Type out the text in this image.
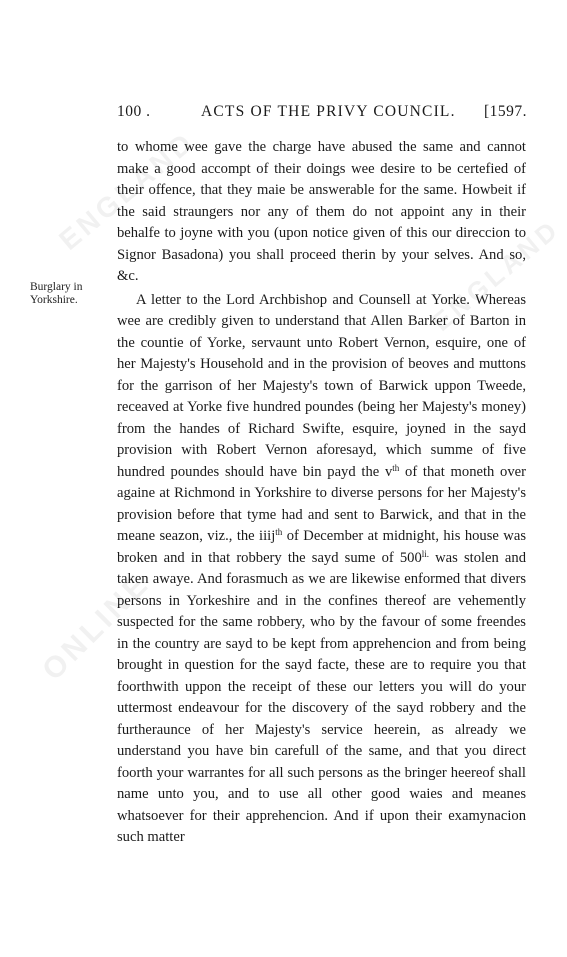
ENGLAND
ENGLAND
ONLINE
100 .	ACTS OF THE PRIVY COUNCIL. [1597.
Burglary in
Yorkshire.

to whome wee gave the charge have abused the same and cannot make a good accompt of their doings wee desire to be certefied of their offence, that they maie be answerable for the same. Howbeit if the said straungers nor any of them do not appoint any in their behalfe to joyne with you (upon notice given of this our direccion to Signor Basadona) you shall proceed therin by your selves. And so, &c.

A letter to the Lord Archbishop and Counsell at Yorke. Whereas wee are credibly given to understand that Allen Barker of Barton in the countie of Yorke, servaunt unto Robert Vernon, esquire, one of her Majesty's Household and in the provision of beoves and muttons for the garrison of her Majesty's town of Barwick uppon Tweede, receaved at Yorke five hundred poundes (being her Majesty's money) from the handes of Richard Swifte, esquire, joyned in the sayd provision with Robert Vernon aforesayd, which summe of five hundred poundes should have bin payd the $v^{th}$ of that moneth over againe at Richmond in Yorkshire to diverse persons for her Majesty's provision before that tyme had and sent to Barwick, and that in the meane seazon, viz., the iiij$^{th}$ of December at midnight, his house was broken and in that robbery the sayd sume of $500^{li.}$ was stolen and taken awaye. And forasmuch as we are likewise enformed that divers persons in Yorkeshire and in the confines thereof are vehemently suspected for the same robbery, who by the favour of some freendes in the country are sayd to be kept from apprehencion and from being brought in question for the sayd facte, these are to require you that foorthwith uppon the receipt of these our letters you will do your uttermost endeavour for the discovery of the sayd robbery and the furtheraunce of her Majesty's service heerein, as already we understand you have bin carefull of the same, and that you direct foorth your warrantes for all such persons as the bringer heereof shall name unto you, and to use all other good waies and meanes whatsoever for their apprehencion. And if upon their examynacion such matter
